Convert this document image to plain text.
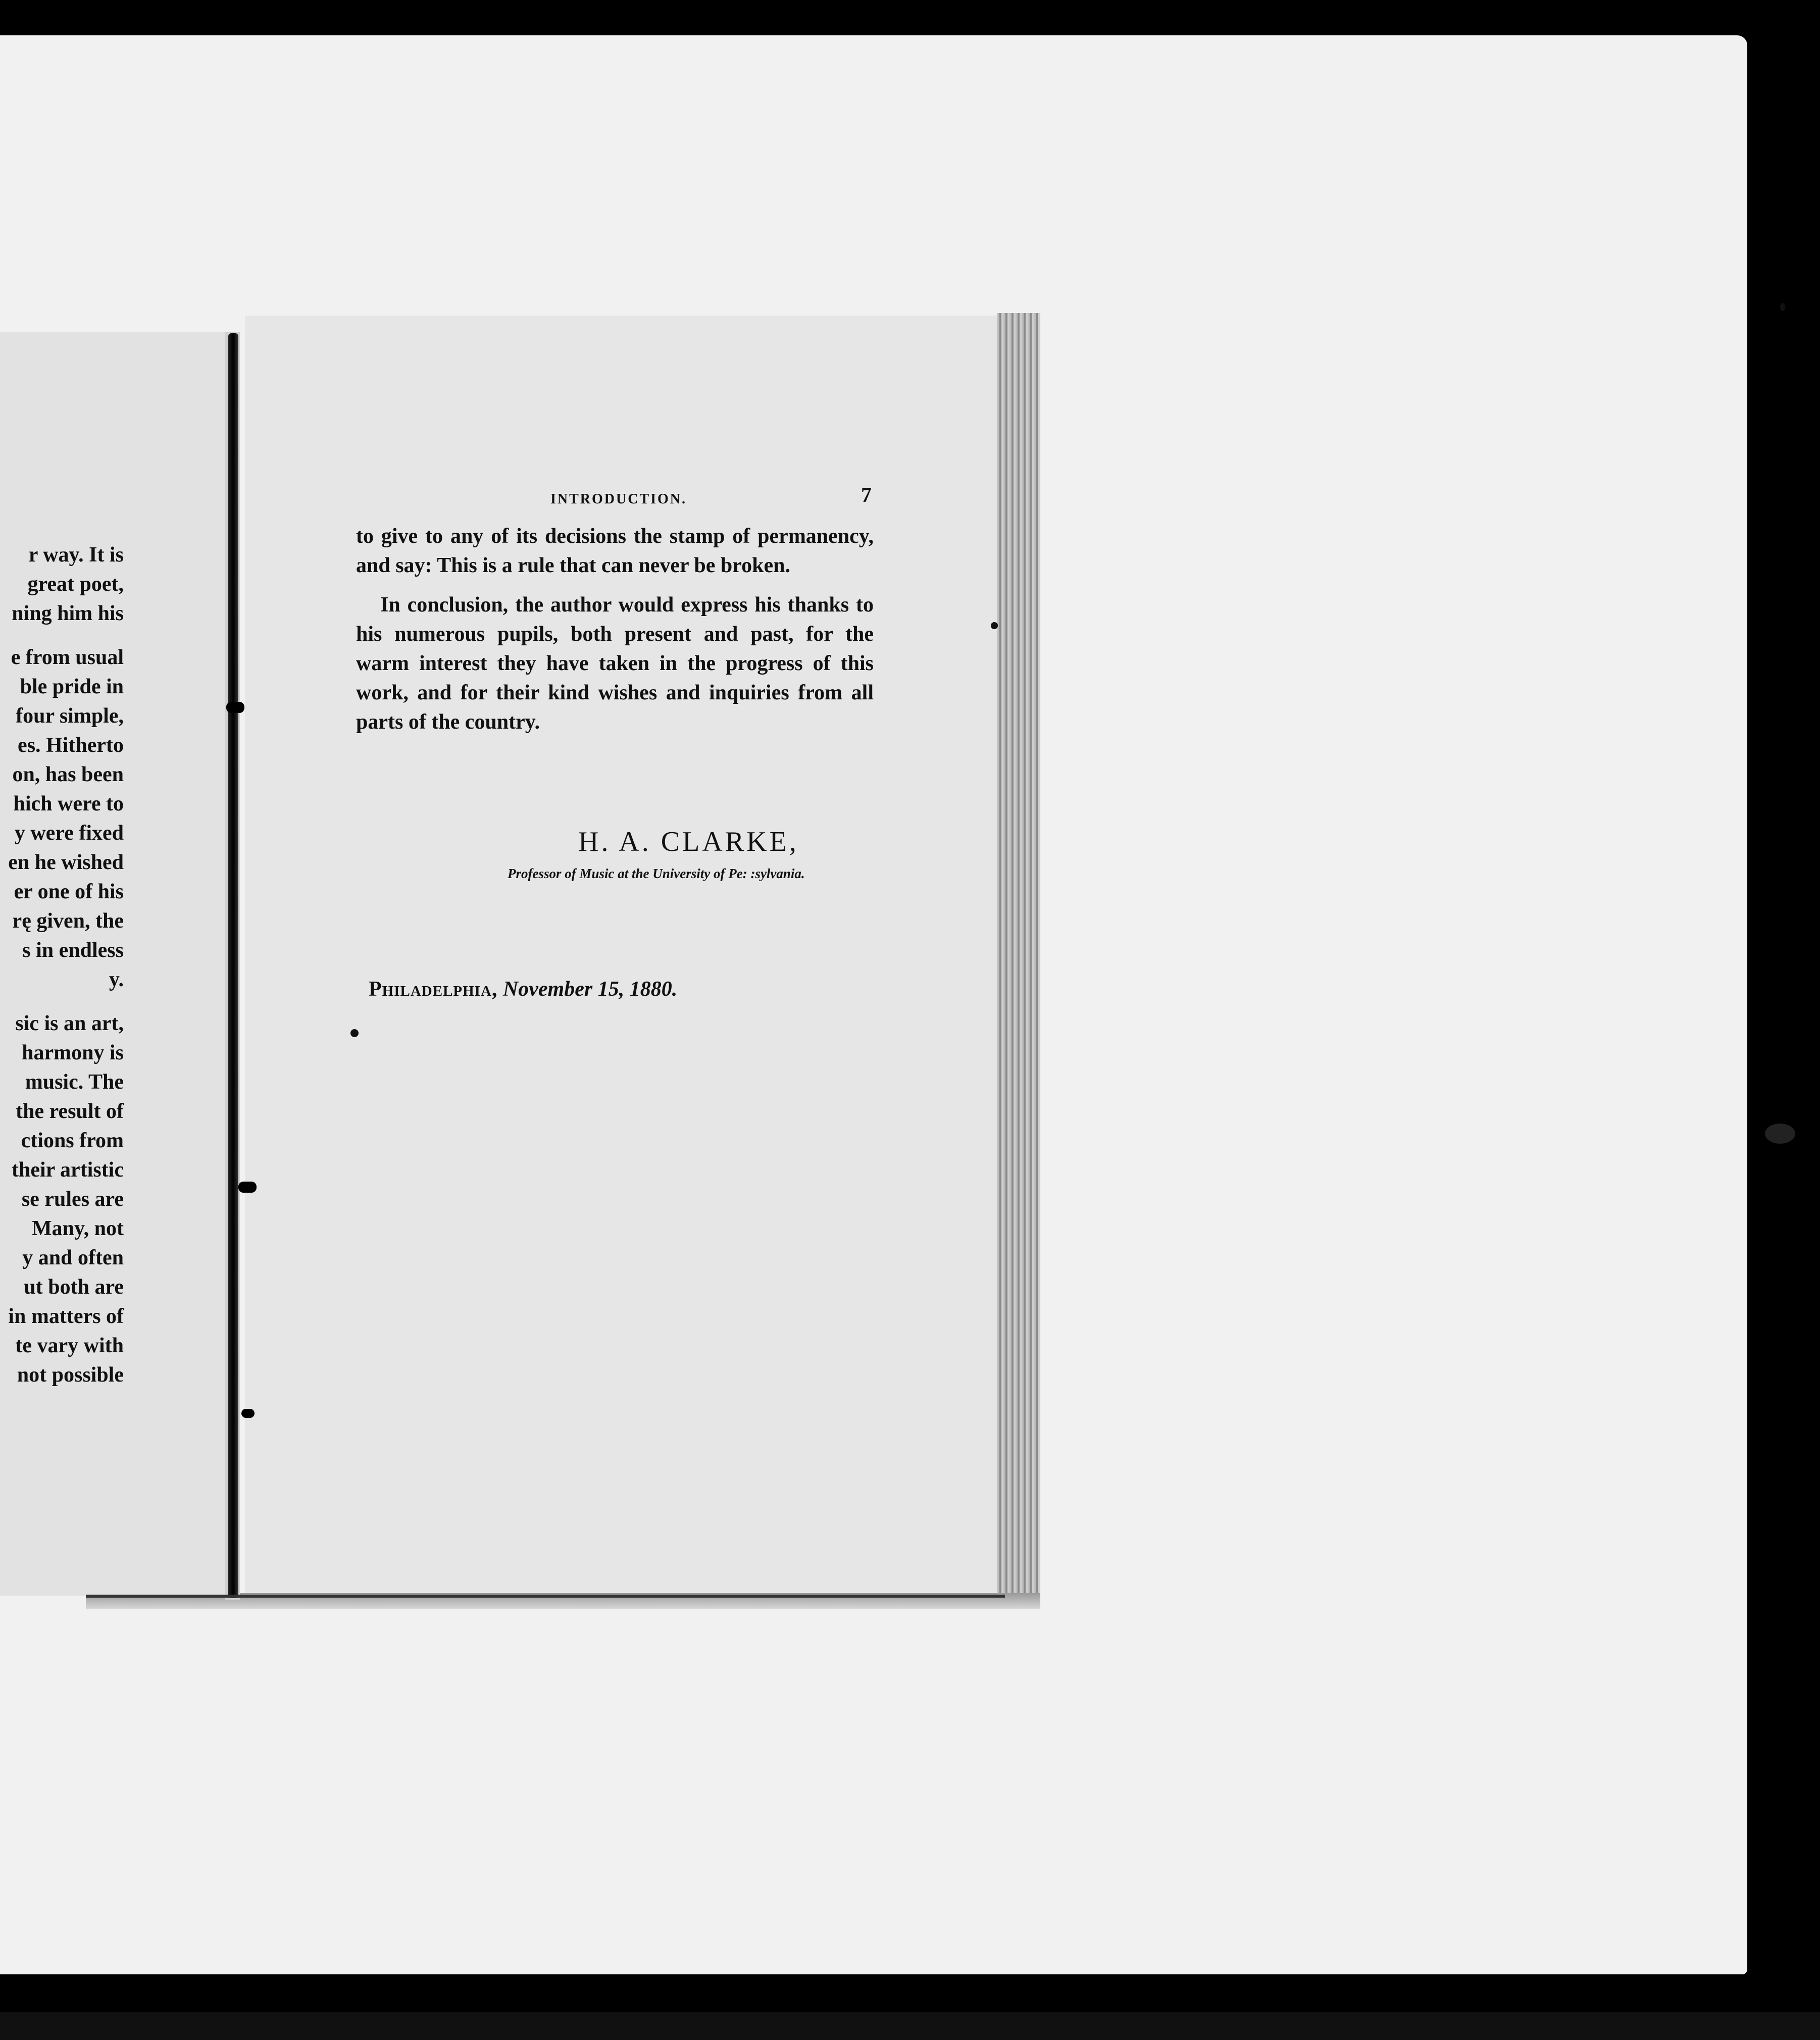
r way. It is
great poet,
ning him his
e from usual
ble pride in
four simple,
es. Hitherto
on, has been
hich were to
y were fixed
en he wished
er one of his
rę given, the
s in endless
y.
sic is an art,
harmony is
music. The
the result of
ctions from
their artistic
se rules are
Many, not
y and often
ut both are
in matters of
te vary with
not possible
INTRODUCTION.	7

to give to any of its decisions the stamp of permanency, and say: This is a rule that can never be broken.

In conclusion, the author would express his thanks to his numerous pupils, both present and past, for the warm interest they have taken in the progress of this work, and for their kind wishes and inquiries from all parts of the country.

H. A. CLARKE,
Professor of Music at the University of Pe: :sylvania.
Philadelphia, November 15, 1880.
